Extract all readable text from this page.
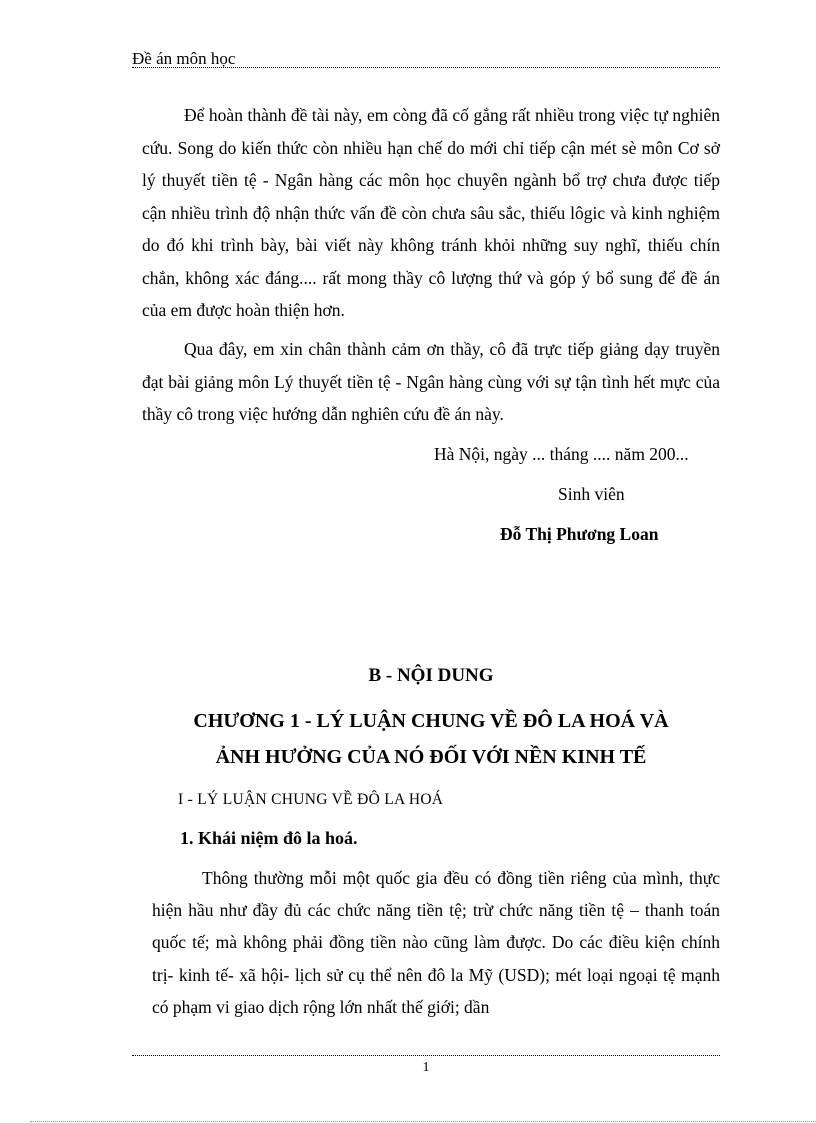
Đề án môn học
Để hoàn thành đề tài này, em còng đã cố gắng rất nhiều trong việc tự nghiên cứu. Song do kiến thức còn nhiều hạn chế do mới chỉ tiếp cận mét sè môn Cơ sở lý thuyết tiền tệ - Ngân hàng các môn học chuyên ngành bổ trợ chưa được tiếp cận nhiều trình độ nhận thức vấn đề còn chưa sâu sắc, thiếu lôgic và kinh nghiệm do đó khi trình bày, bài viết này không tránh khỏi những suy nghĩ, thiếu chín chắn, không xác đáng.... rất mong thầy cô lượng thứ và góp ý bổ sung để đề án của em được hoàn thiện hơn.
Qua đây, em xin chân thành cảm ơn thầy, cô đã trực tiếp giảng dạy truyền đạt bài giảng môn Lý thuyết tiền tệ - Ngân hàng cùng với sự tận tình hết mực của thầy cô trong việc hướng dẫn nghiên cứu đề án này.
Hà Nội, ngày ... tháng .... năm 200...
Sinh viên
Đỗ Thị Phương Loan
B - NỘI DUNG
CHƯƠNG 1 - LÝ LUẬN CHUNG VỀ ĐÔ LA HOÁ VÀ
ẢNH HƯỞNG CỦA NÓ ĐỐI VỚI NỀN KINH TẾ
I - LÝ LUẬN CHUNG VỀ ĐÔ LA HOÁ
1. Khái niệm đô la hoá.
Thông thường mỗi một quốc gia đều có đồng tiền riêng của mình, thực hiện hầu như đầy đủ các chức năng tiền tệ; trừ chức năng tiền tệ – thanh toán quốc tế; mà không phải đồng tiền nào cũng làm được. Do các điều kiện chính trị- kinh tế- xã hội- lịch sử cụ thể nên đô la Mỹ (USD); mét loại ngoại tệ mạnh có phạm vi giao dịch rộng lớn nhất thế giới; dần
1
